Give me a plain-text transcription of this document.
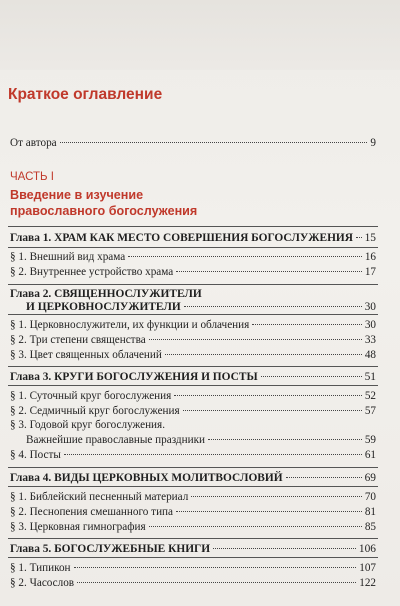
Краткое оглавление
От автора	9
ЧАСТЬ I
Введение в изучение
православного богослужения
Глава 1. ХРАМ КАК МЕСТО СОВЕРШЕНИЯ БОГОСЛУЖЕНИЯ 15
§ 1. Внешний вид храма	16
§ 2. Внутреннее устройство храма	17
Глава 2. СВЯЩЕННОСЛУЖИТЕЛИ
И ЦЕРКОВНОСЛУЖИТЕЛИ	30
§ 1. Церковнослужители, их функции и облачения	30
§ 2. Три степени священства	33
§ 3. Цвет священных облачений	48
Глава 3. КРУГИ БОГОСЛУЖЕНИЯ И ПОСТЫ	51
§ 1. Суточный круг богослужения	52
§ 2. Седмичный круг богослужения	57
§ 3. Годовой круг богослужения.
Важнейшие православные праздники	59
§ 4. Посты	61
Глава 4. ВИДЫ ЦЕРКОВНЫХ МОЛИТВОСЛОВИЙ	69
§ 1. Библейский песненный материал	70
§ 2. Песнопения смешанного типа	81
§ 3. Церковная гимнография	85
Глава 5. БОГОСЛУЖЕБНЫЕ КНИГИ	106
§ 1. Типикон	107
§ 2. Часослов	122
